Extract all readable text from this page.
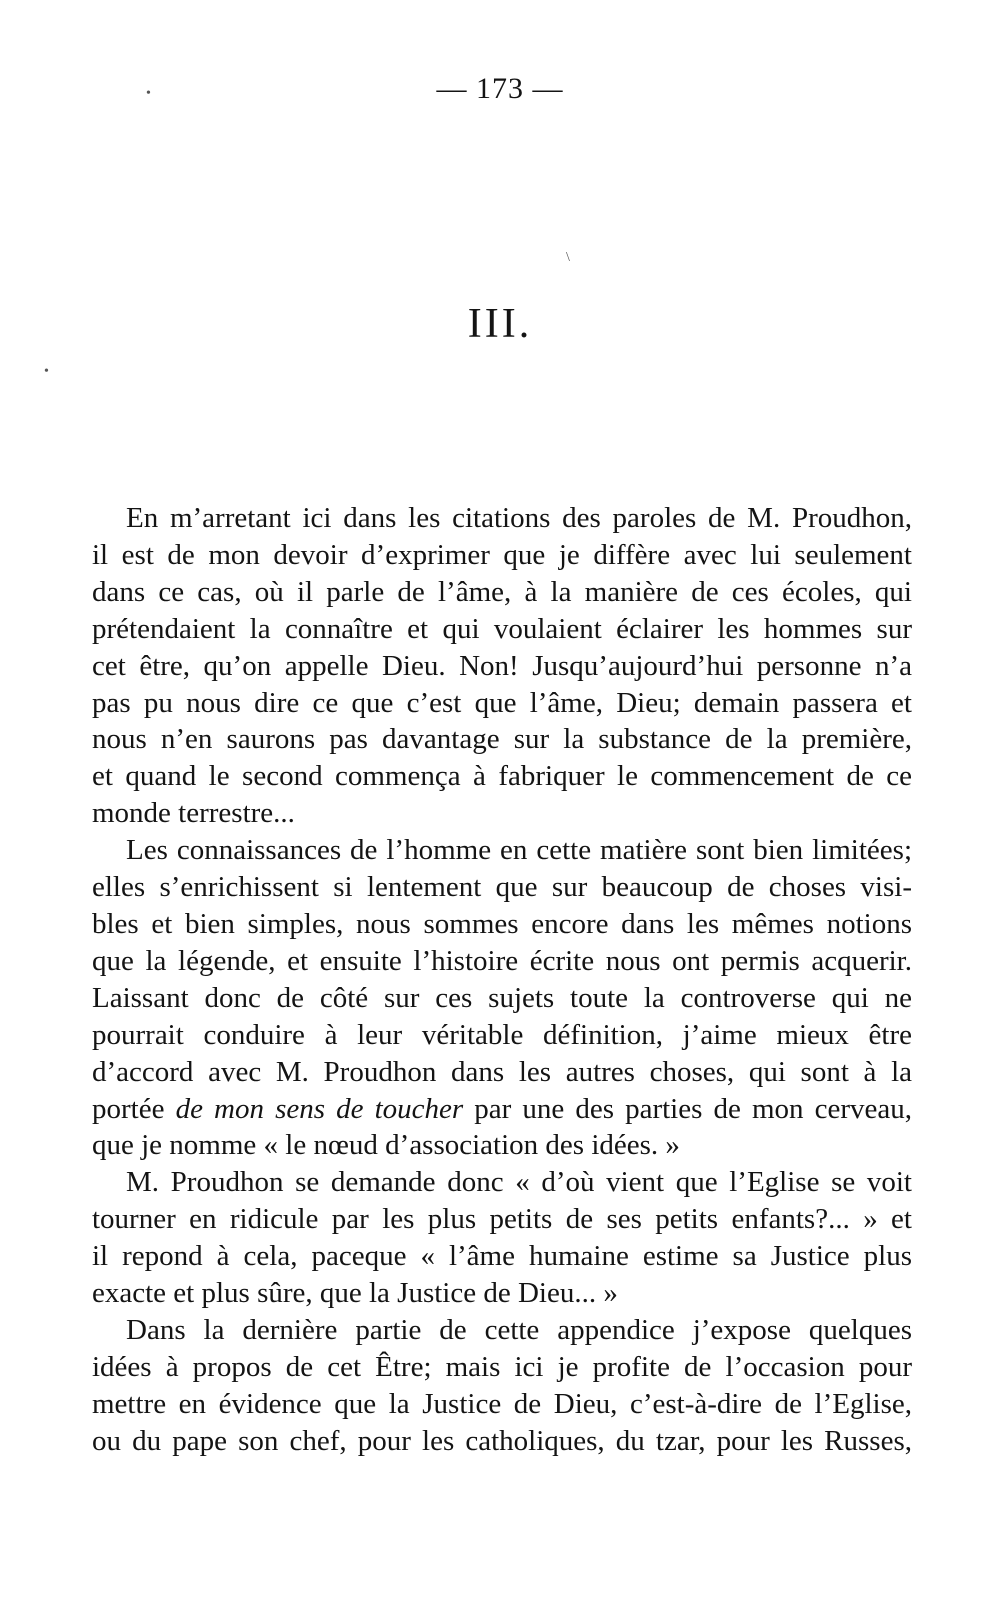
•
\
•
— 173 —
III.
En m’arretant ici dans les citations des paroles de M. Proudhon,
il est de mon devoir d’exprimer que je diffère avec lui seulement
dans ce cas, où il parle de l’âme, à la manière de ces écoles, qui
prétendaient la connaître et qui voulaient éclairer les hommes sur
cet être, qu’on appelle Dieu. Non! Jusqu’aujourd’hui personne n’a
pas pu nous dire ce que c’est que l’âme, Dieu; demain passera et
nous n’en saurons pas davantage sur la substance de la première,
et quand le second commença à fabriquer le commencement de ce
monde terrestre...
Les connaissances de l’homme en cette matière sont bien limitées;
elles s’enrichissent si lentement que sur beaucoup de choses visi-
bles et bien simples, nous sommes encore dans les mêmes notions
que la légende, et ensuite l’histoire écrite nous ont permis acquerir.
Laissant donc de côté sur ces sujets toute la controverse qui ne
pourrait conduire à leur véritable définition, j’aime mieux être
d’accord avec M. Proudhon dans les autres choses, qui sont à la
portée de mon sens de toucher par une des parties de mon cerveau,
que je nomme « le nœud d’association des idées. »
M. Proudhon se demande donc « d’où vient que l’Eglise se voit
tourner en ridicule par les plus petits de ses petits enfants?... » et
il repond à cela, paceque « l’âme humaine estime sa Justice plus
exacte et plus sûre, que la Justice de Dieu... »
Dans la dernière partie de cette appendice j’expose quelques
idées à propos de cet Être; mais ici je profite de l’occasion pour
mettre en évidence que la Justice de Dieu, c’est-à-dire de l’Eglise,
ou du pape son chef, pour les catholiques, du tzar, pour les Russes,
